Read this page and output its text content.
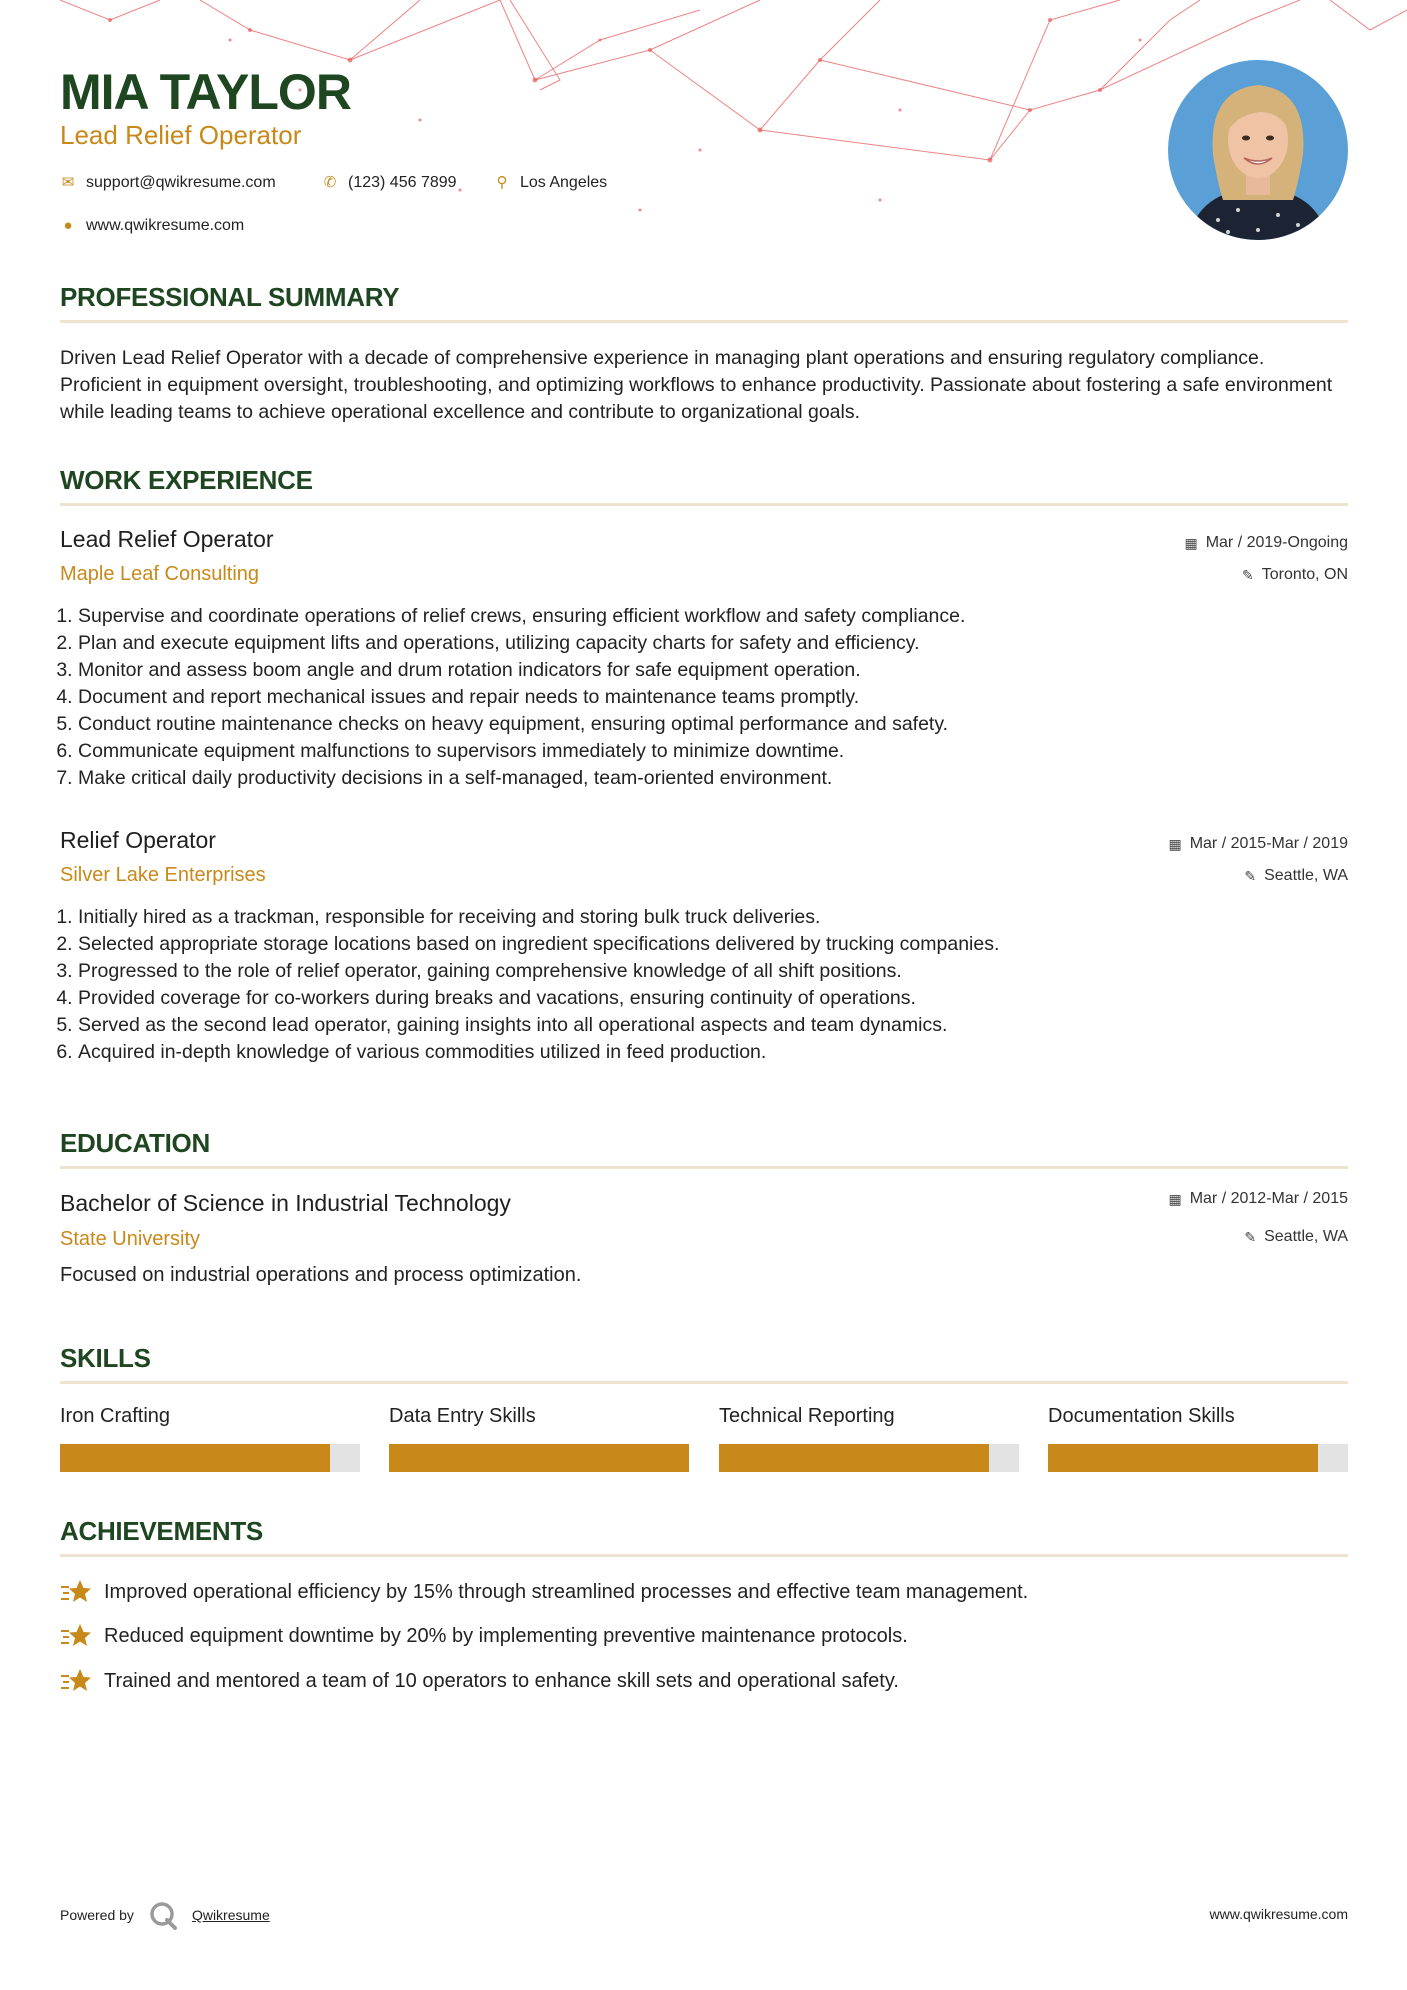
MIA TAYLOR
Lead Relief Operator
✉ support@qwikresume.com	✆ (123) 456 7899	⚲ Los Angeles
● www.qwikresume.com
PROFESSIONAL SUMMARY
Driven Lead Relief Operator with a decade of comprehensive experience in managing plant operations and ensuring regulatory compliance. Proficient in equipment oversight, troubleshooting, and optimizing workflows to enhance productivity. Passionate about fostering a safe environment while leading teams to achieve operational excellence and contribute to organizational goals.
WORK EXPERIENCE
Lead Relief Operator
Maple Leaf Consulting
▦ Mar / 2019-Ongoing
✎ Toronto, ON
1. Supervise and coordinate operations of relief crews, ensuring efficient workflow and safety compliance.
2. Plan and execute equipment lifts and operations, utilizing capacity charts for safety and efficiency.
3. Monitor and assess boom angle and drum rotation indicators for safe equipment operation.
4. Document and report mechanical issues and repair needs to maintenance teams promptly.
5. Conduct routine maintenance checks on heavy equipment, ensuring optimal performance and safety.
6. Communicate equipment malfunctions to supervisors immediately to minimize downtime.
7. Make critical daily productivity decisions in a self-managed, team-oriented environment.
Relief Operator
Silver Lake Enterprises
▦ Mar / 2015-Mar / 2019
✎ Seattle, WA
1. Initially hired as a trackman, responsible for receiving and storing bulk truck deliveries.
2. Selected appropriate storage locations based on ingredient specifications delivered by trucking companies.
3. Progressed to the role of relief operator, gaining comprehensive knowledge of all shift positions.
4. Provided coverage for co-workers during breaks and vacations, ensuring continuity of operations.
5. Served as the second lead operator, gaining insights into all operational aspects and team dynamics.
6. Acquired in-depth knowledge of various commodities utilized in feed production.
EDUCATION
Bachelor of Science in Industrial Technology
State University
▦ Mar / 2012-Mar / 2015
✎ Seattle, WA
Focused on industrial operations and process optimization.
SKILLS
Iron Crafting	Data Entry Skills	Technical Reporting	Documentation Skills
ACHIEVEMENTS
Improved operational efficiency by 15% through streamlined processes and effective team management.
Reduced equipment downtime by 20% by implementing preventive maintenance protocols.
Trained and mentored a team of 10 operators to enhance skill sets and operational safety.
Powered by	Qwikresume	www.qwikresume.com
